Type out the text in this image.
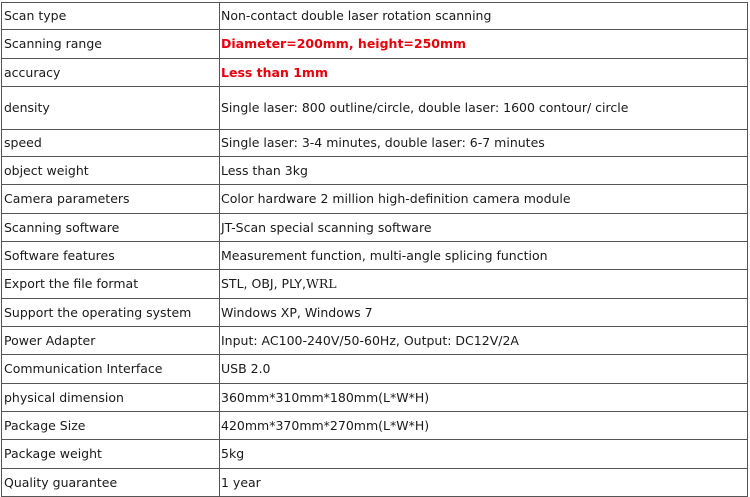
Scan type	Non-contact double laser rotation scanning
Scanning range	Diameter=200mm, height=250mm
accuracy	Less than 1mm
density	Single laser: 800 outline/circle, double laser: 1600 contour/ circle
speed	Single laser: 3-4 minutes, double laser: 6-7 minutes
object weight	Less than 3kg
Camera parameters	Color hardware 2 million high-definition camera module
Scanning software	JT-Scan special scanning software
Software features	Measurement function, multi-angle splicing function
Export the file format	STL, OBJ, PLY,WRL
Support the operating system	Windows XP, Windows 7
Power Adapter	Input: AC100-240V/50-60Hz, Output: DC12V/2A
Communication Interface	USB 2.0
physical dimension	360mm*310mm*180mm(L*W*H)
Package Size	420mm*370mm*270mm(L*W*H)
Package weight	5kg
Quality guarantee	1 year
